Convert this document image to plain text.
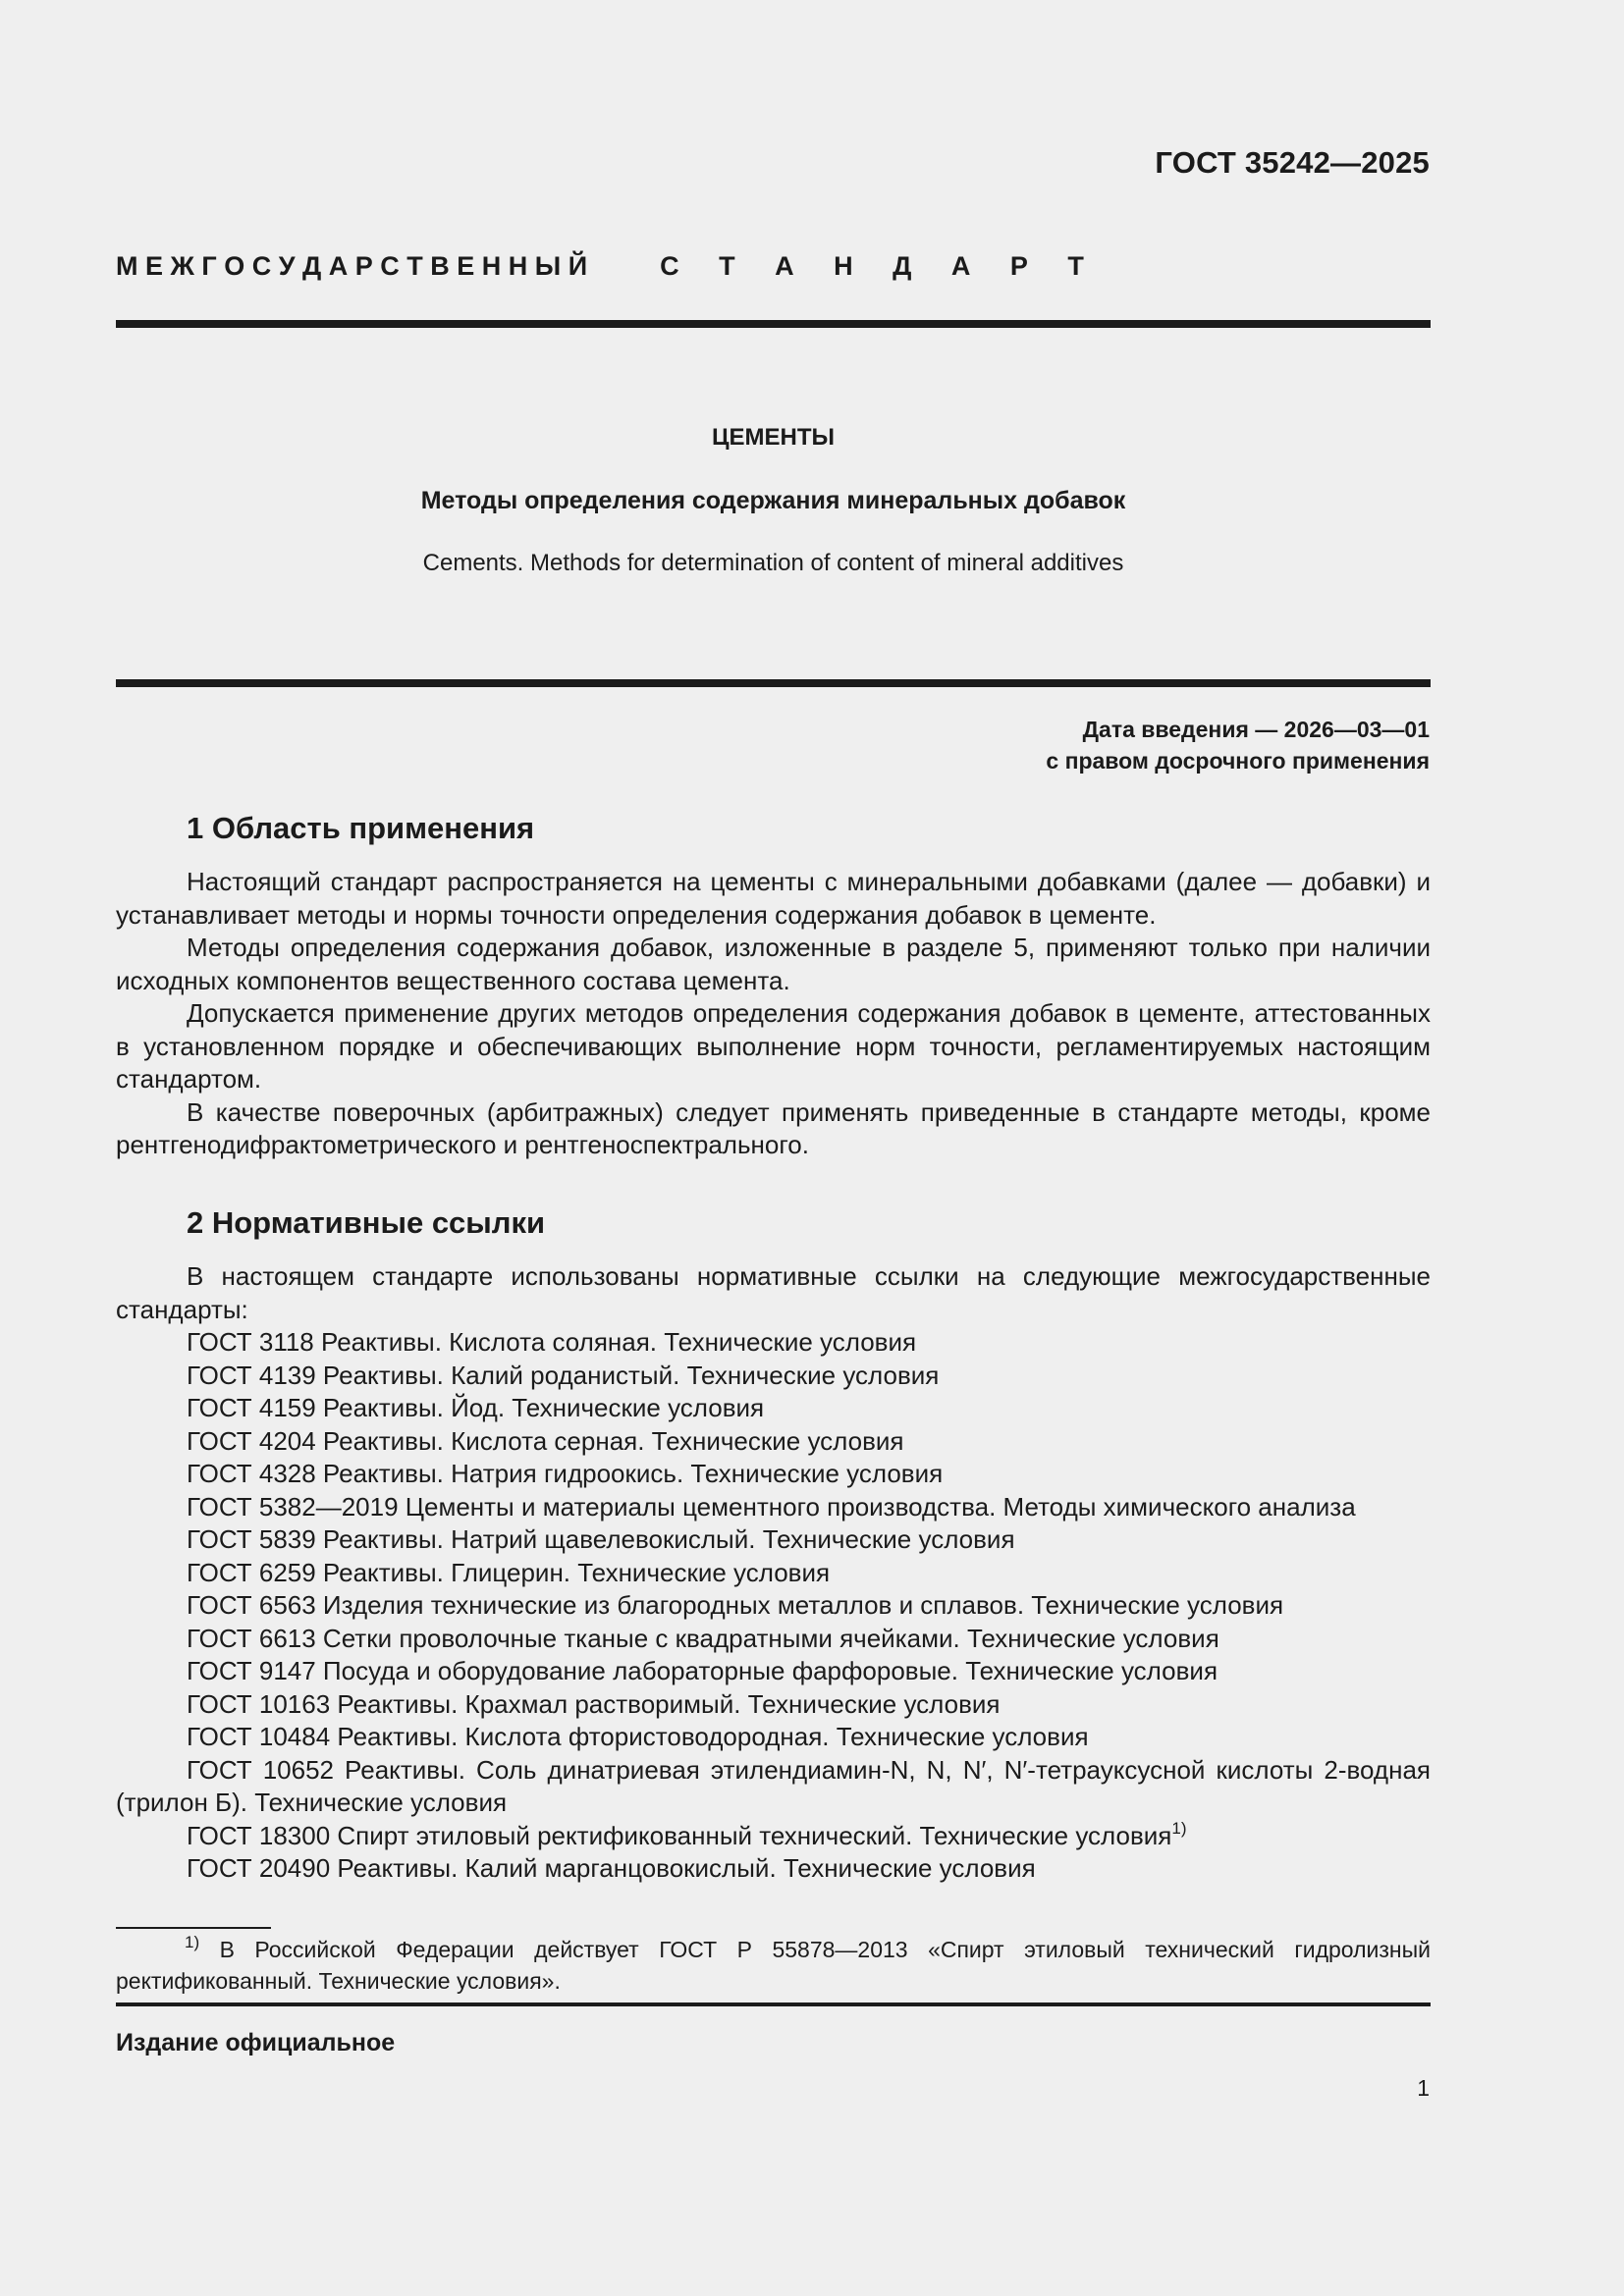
ГОСТ 35242—2025
М Е Ж Г О С У Д А Р С Т В Е Н Н Ы Й	С Т А Н Д А Р Т
ЦЕМЕНТЫ
Методы определения содержания минеральных добавок
Cements. Methods for determination of content of mineral additives
Дата введения — 2026—03—01
с правом досрочного применения
1 Область применения

Настоящий стандарт распространяется на цементы с минеральными добавками (далее — добавки) и устанавливает методы и нормы точности определения содержания добавок в цементе.

Методы определения содержания добавок, изложенные в разделе 5, применяют только при наличии исходных компонентов вещественного состава цемента.

Допускается применение других методов определения содержания добавок в цементе, аттестованных в установленном порядке и обеспечивающих выполнение норм точности, регламентируемых настоящим стандартом.

В качестве поверочных (арбитражных) следует применять приведенные в стандарте методы, кроме рентгенодифрактометрического и рентгеноспектрального.

2 Нормативные ссылки

В настоящем стандарте использованы нормативные ссылки на следующие межгосударственные стандарты:

ГОСТ 3118 Реактивы. Кислота соляная. Технические условия
ГОСТ 4139 Реактивы. Калий роданистый. Технические условия
ГОСТ 4159 Реактивы. Йод. Технические условия
ГОСТ 4204 Реактивы. Кислота серная. Технические условия
ГОСТ 4328 Реактивы. Натрия гидроокись. Технические условия
ГОСТ 5382—2019 Цементы и материалы цементного производства. Методы химического анализа
ГОСТ 5839 Реактивы. Натрий щавелевокислый. Технические условия
ГОСТ 6259 Реактивы. Глицерин. Технические условия
ГОСТ 6563 Изделия технические из благородных металлов и сплавов. Технические условия
ГОСТ 6613 Сетки проволочные тканые с квадратными ячейками. Технические условия
ГОСТ 9147 Посуда и оборудование лабораторные фарфоровые. Технические условия
ГОСТ 10163 Реактивы. Крахмал растворимый. Технические условия
ГОСТ 10484 Реактивы. Кислота фтористоводородная. Технические условия
ГОСТ 10652 Реактивы. Соль динатриевая этилендиамин-N, N, N′, N′-тетрауксусной кислоты 2-водная (трилон Б). Технические условия
ГОСТ 18300 Спирт этиловый ректификованный технический. Технические условия$^{1)}$
ГОСТ 20490 Реактивы. Калий марганцовокислый. Технические условия
$^{1)}$ В Российской Федерации действует ГОСТ Р 55878—2013 «Спирт этиловый технический гидролизный ректификованный. Технические условия».
Издание официальное
1
